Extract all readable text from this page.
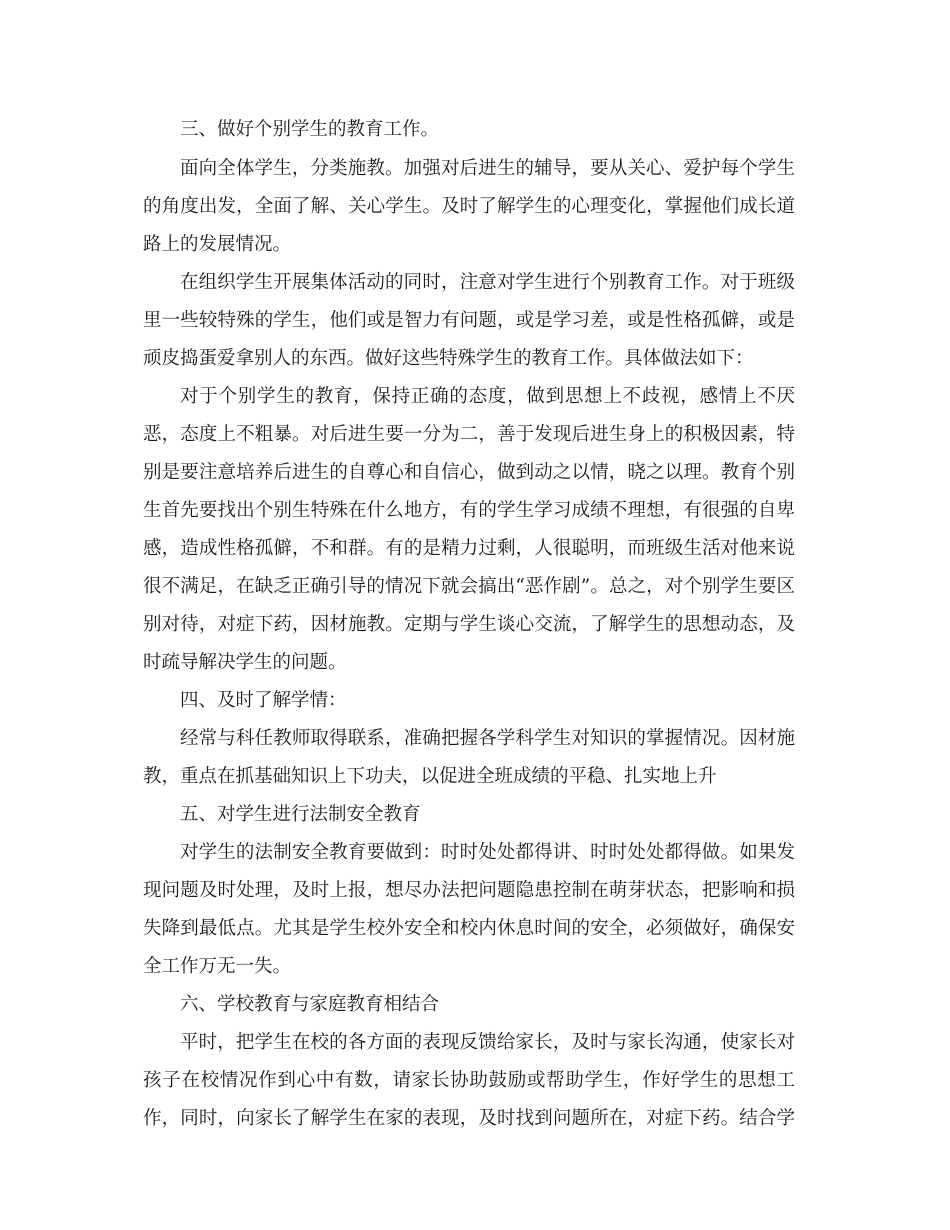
三、做好个别学生的教育工作。
面向全体学生，分类施教。加强对后进生的辅导，要从关心、爱护每个学生
的角度出发，全面了解、关心学生。及时了解学生的心理变化，掌握他们成长道
路上的发展情况。
在组织学生开展集体活动的同时，注意对学生进行个别教育工作。对于班级
里一些较特殊的学生，他们或是智力有问题，或是学习差，或是性格孤僻，或是
顽皮捣蛋爱拿别人的东西。做好这些特殊学生的教育工作。具体做法如下：
对于个别学生的教育，保持正确的态度，做到思想上不歧视，感情上不厌
恶，态度上不粗暴。对后进生要一分为二，善于发现后进生身上的积极因素，特
别是要注意培养后进生的自尊心和自信心，做到动之以情，晓之以理。教育个别
生首先要找出个别生特殊在什么地方，有的学生学习成绩不理想，有很强的自卑
感，造成性格孤僻，不和群。有的是精力过剩，人很聪明，而班级生活对他来说
很不满足，在缺乏正确引导的情况下就会搞出“恶作剧”。总之，对个别学生要区
别对待，对症下药，因材施教。定期与学生谈心交流，了解学生的思想动态，及
时疏导解决学生的问题。
四、及时了解学情：
经常与科任教师取得联系，准确把握各学科学生对知识的掌握情况。因材施
教，重点在抓基础知识上下功夫，以促进全班成绩的平稳、扎实地上升
五、对学生进行法制安全教育
对学生的法制安全教育要做到：时时处处都得讲、时时处处都得做。如果发
现问题及时处理，及时上报，想尽办法把问题隐患控制在萌芽状态，把影响和损
失降到最低点。尤其是学生校外安全和校内休息时间的安全，必须做好，确保安
全工作万无一失。
六、学校教育与家庭教育相结合
平时，把学生在校的各方面的表现反馈给家长，及时与家长沟通，使家长对
孩子在校情况作到心中有数，请家长协助鼓励或帮助学生，作好学生的思想工
作，同时，向家长了解学生在家的表现，及时找到问题所在，对症下药。结合学
